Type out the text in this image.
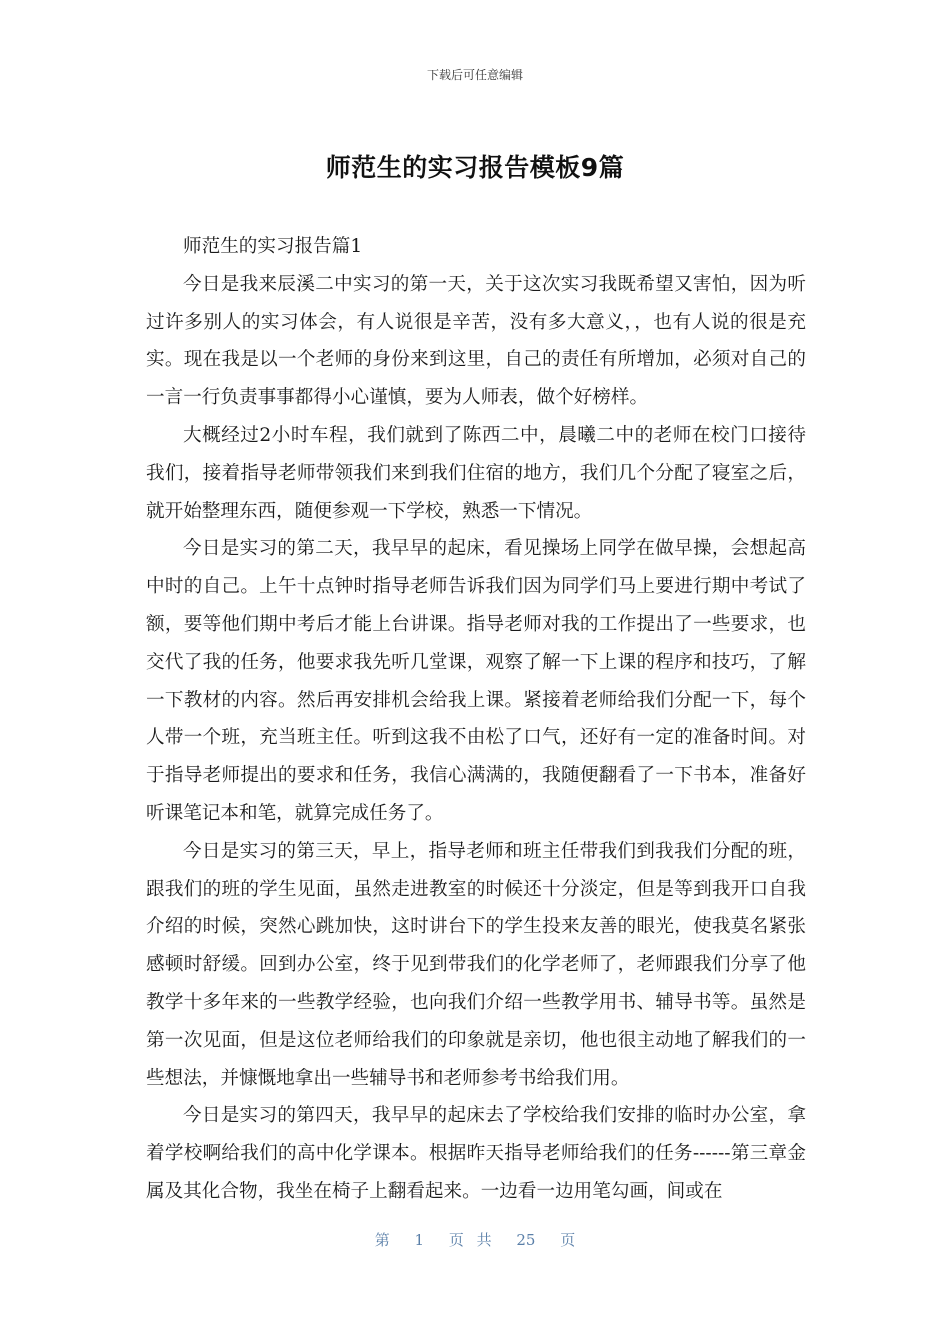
下载后可任意编辑
师范生的实习报告模板9篇

师范生的实习报告篇1

今日是我来辰溪二中实习的第一天，关于这次实习我既希望又害怕，因为听过许多别人的实习体会，有人说很是辛苦，没有多大意义，，也有人说的很是充实。现在我是以一个老师的身份来到这里，自己的责任有所增加，必须对自己的一言一行负责事事都得小心谨慎，要为人师表，做个好榜样。

大概经过2小时车程，我们就到了陈西二中，晨曦二中的老师在校门口接待我们，接着指导老师带领我们来到我们住宿的地方，我们几个分配了寝室之后，就开始整理东西，随便参观一下学校，熟悉一下情况。

今日是实习的第二天，我早早的起床，看见操场上同学在做早操，会想起高中时的自己。上午十点钟时指导老师告诉我们因为同学们马上要进行期中考试了额，要等他们期中考后才能上台讲课。指导老师对我的工作提出了一些要求，也交代了我的任务，他要求我先听几堂课，观察了解一下上课的程序和技巧，了解一下教材的内容。然后再安排机会给我上课。紧接着老师给我们分配一下，每个人带一个班，充当班主任。听到这我不由松了口气，还好有一定的准备时间。对于指导老师提出的要求和任务，我信心满满的，我随便翻看了一下书本，准备好听课笔记本和笔，就算完成任务了。

今日是实习的第三天，早上，指导老师和班主任带我们到我我们分配的班，跟我们的班的学生见面，虽然走进教室的时候还十分淡定，但是等到我开口自我介绍的时候，突然心跳加快，这时讲台下的学生投来友善的眼光，使我莫名紧张感顿时舒缓。回到办公室，终于见到带我们的化学老师了，老师跟我们分享了他教学十多年来的一些教学经验，也向我们介绍一些教学用书、辅导书等。虽然是第一次见面，但是这位老师给我们的印象就是亲切，他也很主动地了解我们的一些想法，并慷慨地拿出一些辅导书和老师参考书给我们用。

今日是实习的第四天，我早早的起床去了学校给我们安排的临时办公室，拿着学校啊给我们的高中化学课本。根据昨天指导老师给我们的任务------第三章金属及其化合物，我坐在椅子上翻看起来。一边看一边用笔勾画，间或在

第 1 页 共 25 页
